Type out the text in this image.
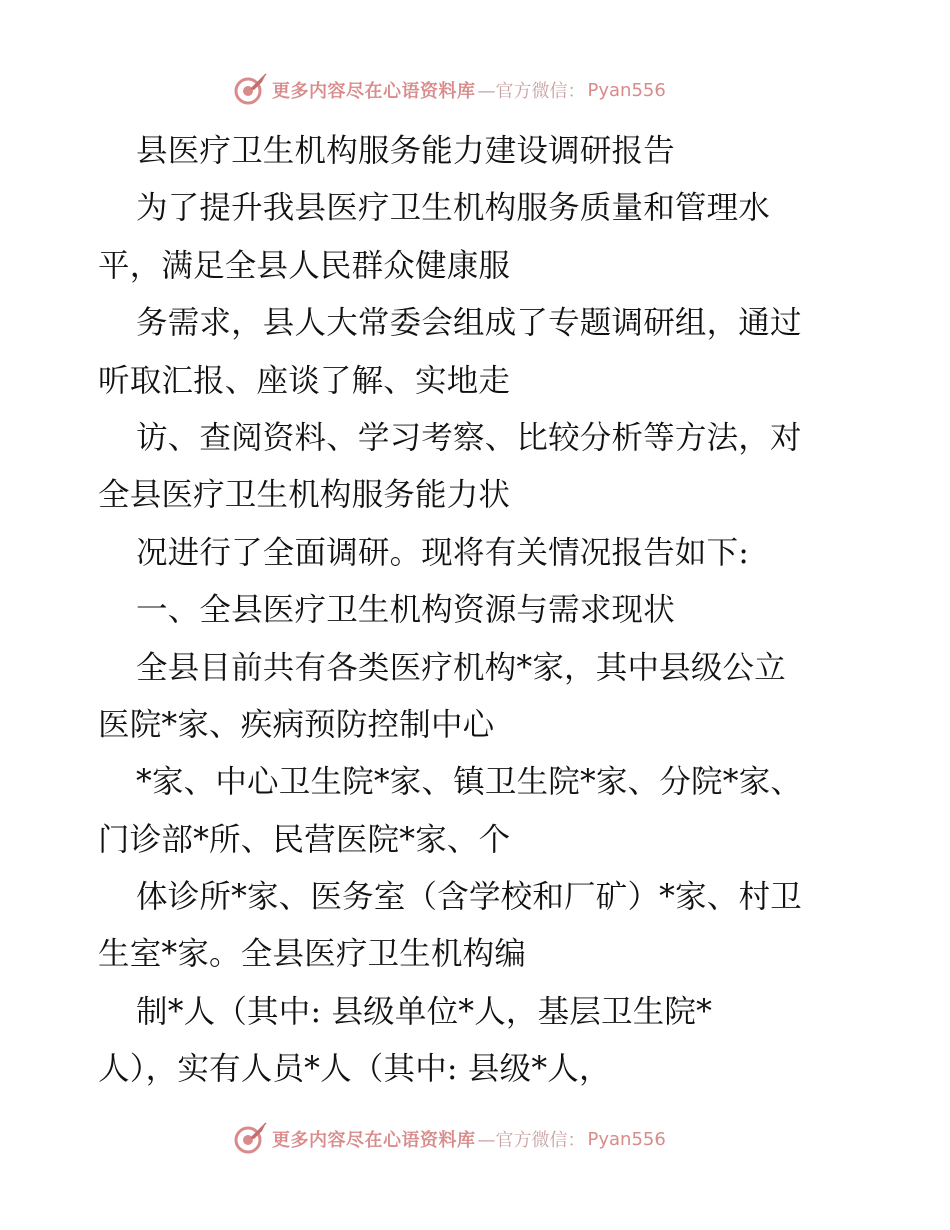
更多内容尽在心语资料库 —官方微信： Pyan556
县医疗卫生机构服务能力建设调研报告
为了提升我县医疗卫生机构服务质量和管理水
平，满足全县人民群众健康服
务需求，县人大常委会组成了专题调研组，通过
听取汇报、座谈了解、实地走
访、查阅资料、学习考察、比较分析等方法，对
全县医疗卫生机构服务能力状
况进行了全面调研。现将有关情况报告如下:
一、全县医疗卫生机构资源与需求现状
全县目前共有各类医疗机构*家，其中县级公立
医院*家、疾病预防控制中心
*家、中心卫生院*家、镇卫生院*家、分院*家、
门诊部*所、民营医院*家、个
体诊所*家、医务室（含学校和厂矿）*家、村卫
生室*家。全县医疗卫生机构编
制*人（其中: 县级单位*人，基层卫生院*
人），实有人员*人（其中: 县级*人，
更多内容尽在心语资料库 —官方微信： Pyan556
